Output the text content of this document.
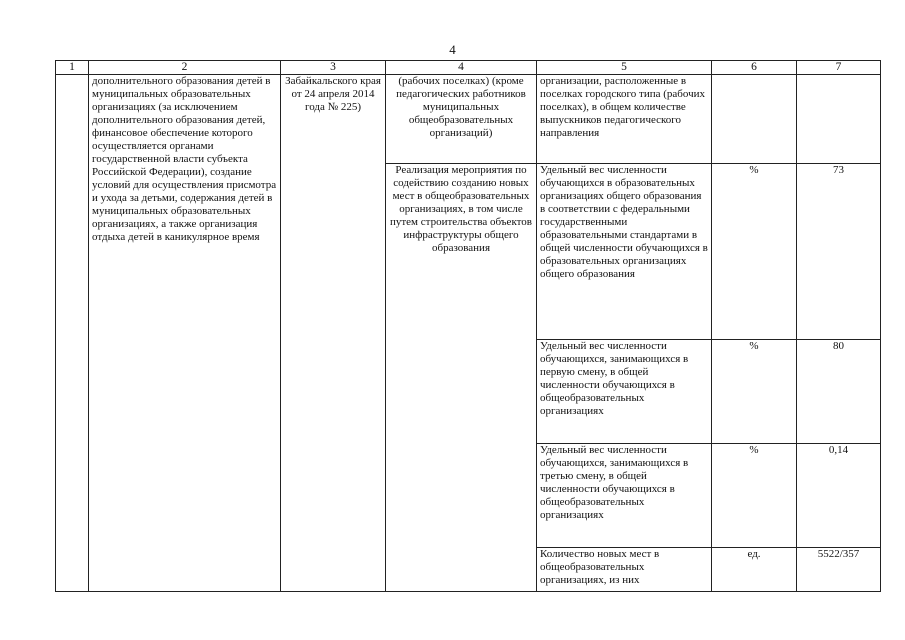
4
1	2	3	4	5	6	7
	дополнительного образования детей в муниципальных образовательных организациях (за исключением дополнительного образования детей, финансовое обеспечение которого осуществляется органами государственной власти субъекта Российской Федерации), создание условий для осуществления присмотра и ухода за детьми, содержания детей в муниципальных образовательных организациях, а также организация отдыха детей в каникулярное время	Забайкальского края от 24 апреля 2014 года № 225)	(рабочих поселках) (кроме педагогических работников муниципальных общеобразовательных организаций)	организации, расположенные в поселках городского типа (рабочих поселках), в общем количестве выпускников педагогического направления		
			Реализация мероприятия по содействию созданию новых мест в общеобразовательных организациях, в том числе путем строительства объектов инфраструктуры общего образования	Удельный вес численности обучающихся в образовательных организациях общего образования в соответствии с федеральными государственными образовательными стандартами в общей численности обучающихся в образовательных организациях общего образования	%	73
				Удельный вес численности обучающихся, занимающихся в первую смену, в общей численности обучающихся в общеобразовательных организациях	%	80
				Удельный вес численности обучающихся, занимающихся в третью смену, в общей численности обучающихся в общеобразовательных организациях	%	0,14
				Количество новых мест в общеобразовательных организациях, из них	ед.	5522/357
